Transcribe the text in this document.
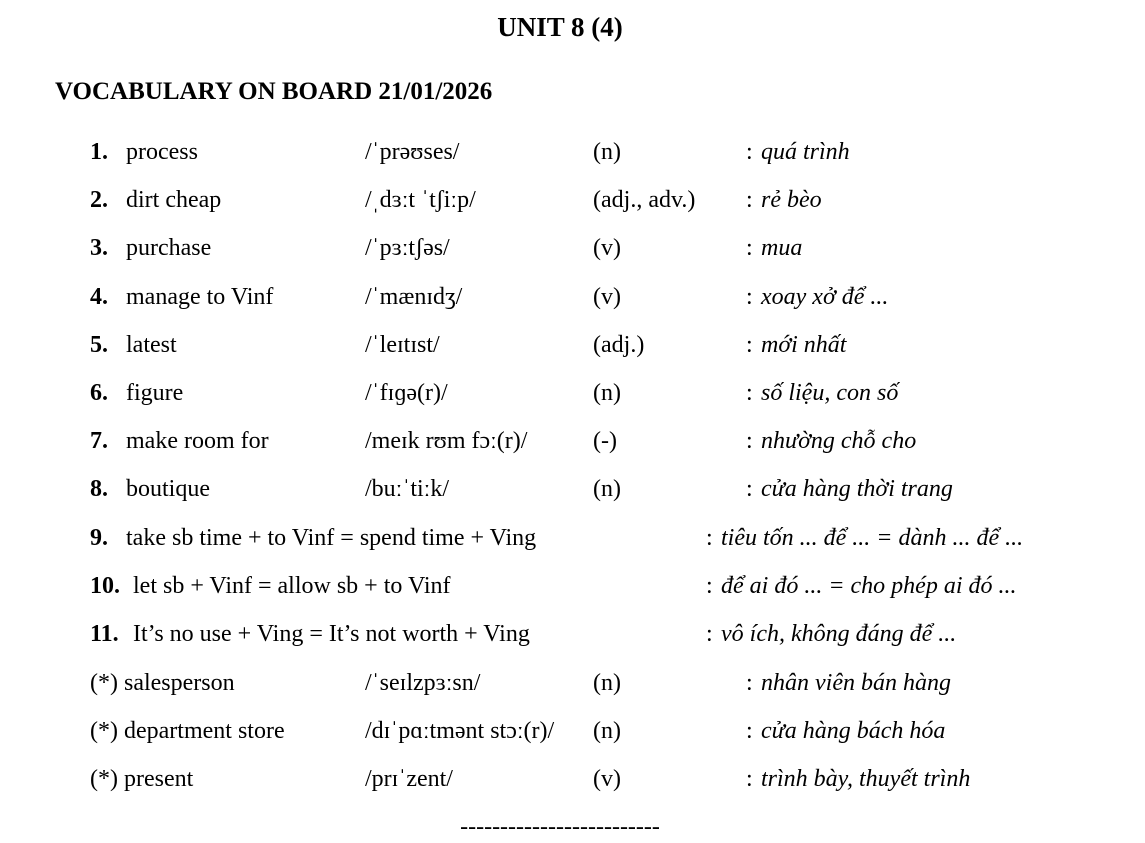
UNIT 8 (4)
VOCABULARY ON BOARD 21/01/2026
1. process	/ˈprəʊses/	(n)	: quá trình
2. dirt cheap	/ˌdɜːt ˈtʃiːp/	(adj., adv.) : rẻ bèo
3. purchase	/ˈpɜːtʃəs/	(v)	: mua
4. manage to Vinf	/ˈmænɪdʒ/	(v)	: xoay xở để ...
5. latest	/ˈleɪtɪst/	(adj.)	: mới nhất
6. figure	/ˈfɪɡə(r)/	(n)	: số liệu, con số
7. make room for	/meɪk rʊm fɔː(r)/	(-)	: nhường chỗ cho
8. boutique	/buːˈtiːk/	(n)	: cửa hàng thời trang
9. take sb time + to Vinf = spend time + Ving	: tiêu tốn ... để ... = dành ... để ...
10. let sb + Vinf = allow sb + to Vinf	: để ai đó ... = cho phép ai đó ...
11. It’s no use + Ving = It’s not worth + Ving	: vô ích, không đáng để ...
(*) salesperson	/ˈseɪlzpɜːsn/	(n)	: nhân viên bán hàng
(*) department store	/dɪˈpɑːtmənt stɔː(r)/ (n)	: cửa hàng bách hóa
(*) present	/prɪˈzent/	(v)	: trình bày, thuyết trình
-------------------------
